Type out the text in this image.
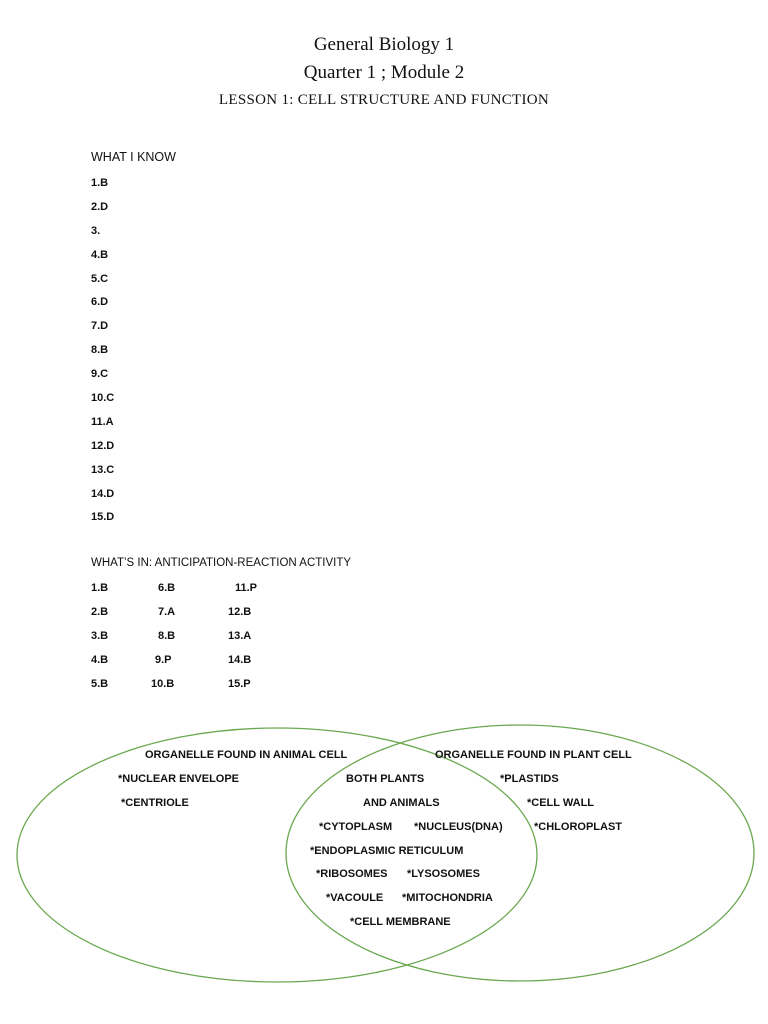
General Biology 1
Quarter 1 ; Module 2
LESSON 1: CELL STRUCTURE AND FUNCTION
WHAT I KNOW
1.B
2.D
3.
4.B
5.C
6.D
7.D
8.B
9.C
10.C
11.A
12.D
13.C
14.D
15.D
WHAT’S IN: ANTICIPATION-REACTION ACTIVITY
1.B
2.B
3.B
4.B
5.B
6.B
7.A
8.B
9.P
10.B
11.P
12.B
13.A
14.B
15.P
ORGANELLE FOUND IN ANIMAL CELL
*NUCLEAR ENVELOPE
*CENTRIOLE
ORGANELLE FOUND IN PLANT CELL
*PLASTIDS
*CELL WALL
*CHLOROPLAST
BOTH PLANTS
AND ANIMALS
*CYTOPLASM *NUCLEUS(DNA)
*ENDOPLASMIC RETICULUM
*RIBOSOMES *LYSOSOMES
*VACOULE *MITOCHONDRIA
*CELL MEMBRANE
